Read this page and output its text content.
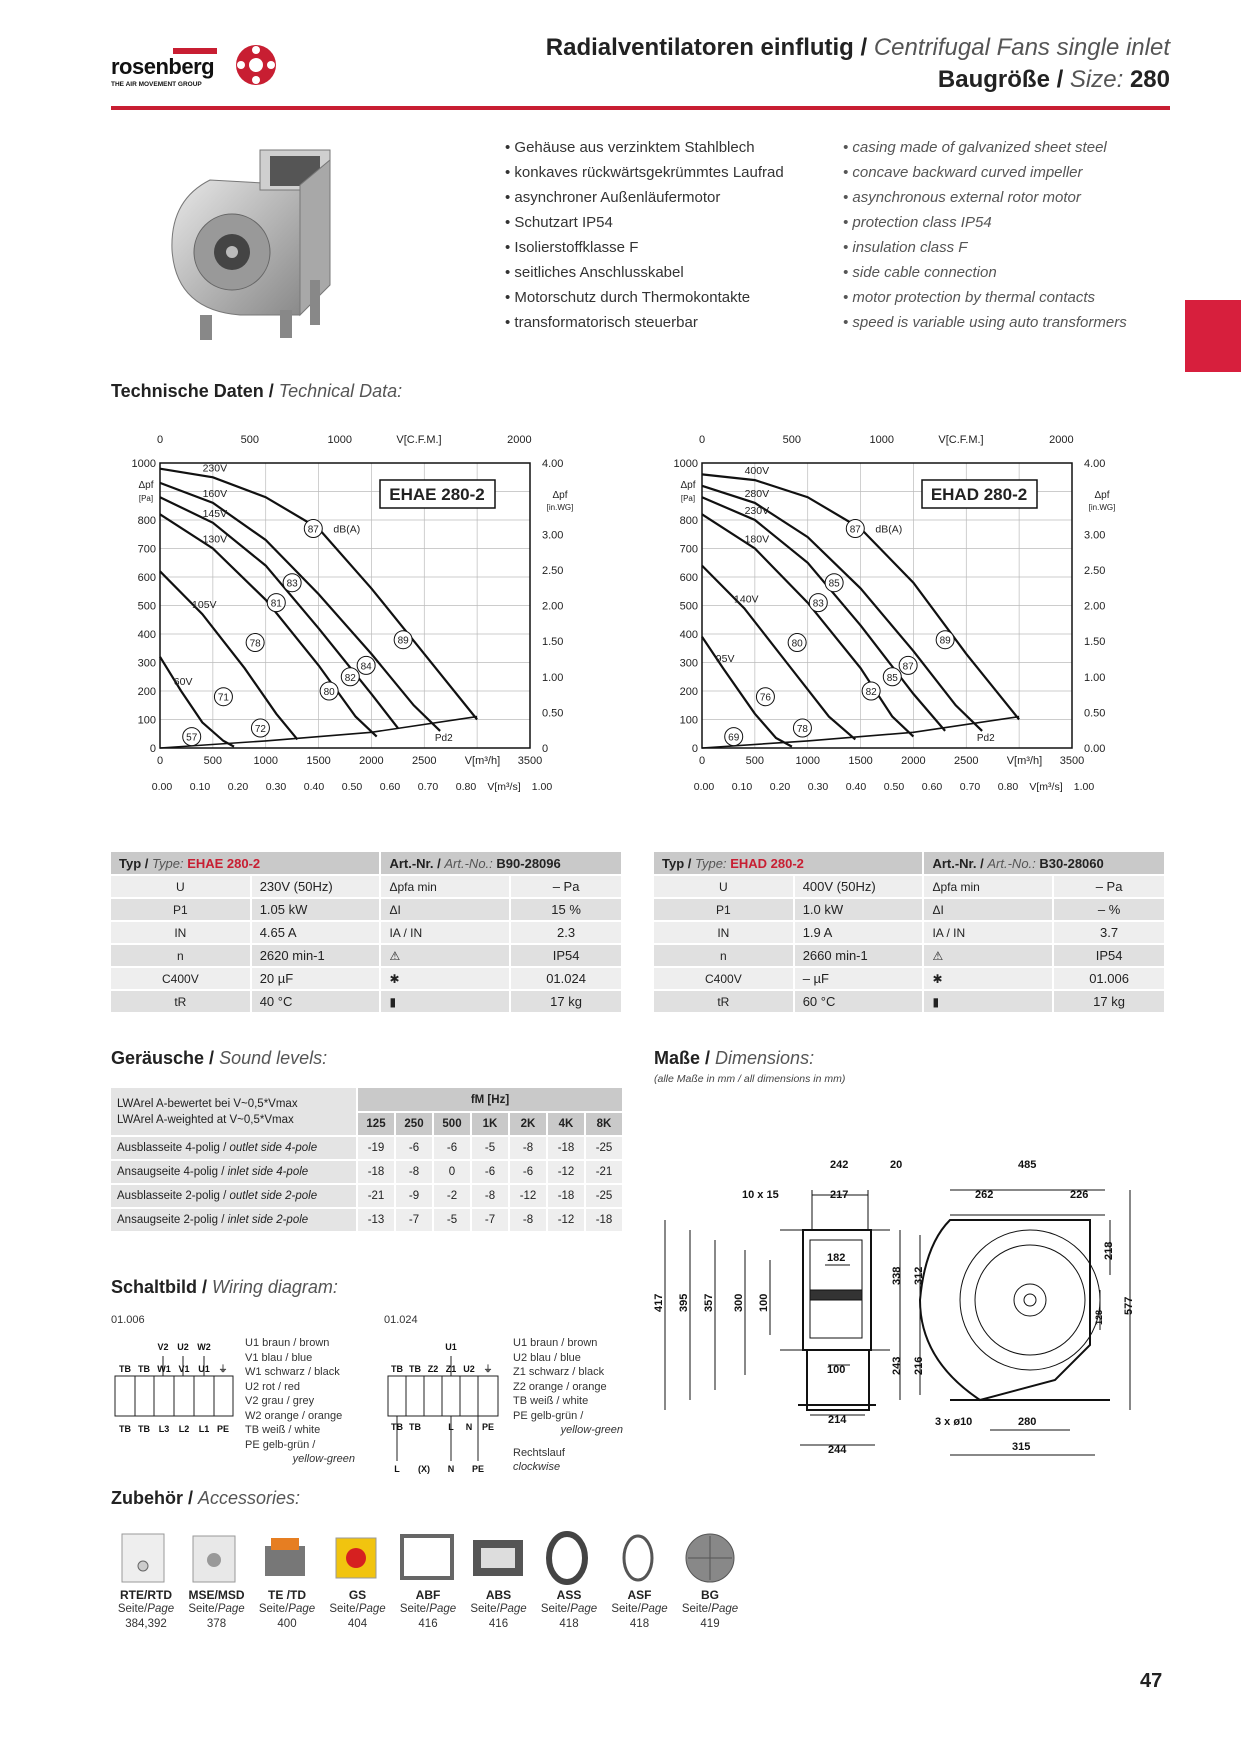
rosenberg
THE AIR MOVEMENT GROUP
Radialventilatoren einflutig / Centrifugal Fans single inlet
Baugröße / Size: 280
• Gehäuse aus verzinktem Stahlblech
• konkaves rückwärtsgekrümmtes Laufrad
• asynchroner Außenläufermotor
• Schutzart IP54
• Isolierstoffklasse F
• seitliches Anschlusskabel
• Motorschutz durch Thermokontakte
• transformatorisch steuerbar
• casing made of galvanized sheet steel
• concave backward curved impeller
• asynchronous external rotor motor
• protection class IP54
• insulation class F
• side cable connection
• motor protection by thermal contacts
• speed is variable using auto transformers
Technische Daten / Technical Data:
0	500	1000	1500	2000	2500	3500
V[m³/h]
0
100
200
300
400
500
600
700
800
1000
Δpf
[Pa]
0	500	1000	V[C.F.M.]	2000
0
0.50
1.00
1.50
2.00
2.50
3.00
4.00
Δpf
[in.WG]
0.00 0.10 0.20 0.30 0.40 0.50 0.60 0.70 0.80 V[m³/s] 1.00
EHAE 280-2
230V
160V
145V
130V
105V
60V
Pd2
57
71
72
78
80
81
82
83
84
87
89
dB(A)
0	500	1000	1500	2000	2500	3500
V[m³/h]
0
100
200
300
400
500
600
700
800
1000
Δpf
[Pa]
0	500	1000	V[C.F.M.]	2000
0.00
0.50
1.00
1.50
2.00
2.50
3.00
4.00
Δpf
[in.WG]
0.00 0.10 0.20 0.30 0.40 0.50 0.60 0.70 0.80 V[m³/s] 1.00
EHAD 280-2
400V
280V
230V
180V
140V
95V
Pd2
69
76
78
80
82
83
85
85
87
87
89
dB(A)
Typ / Type: EHAE 280-2		Art.-Nr. / Art.-No.: B90-28096	
U	230V (50Hz)	Δpfa min	– Pa
P1	1.05 kW	ΔI	15 %
IN	4.65 A	IA / IN	2.3
n	2620 min-1	⚠	IP54
C400V	20 µF	✱	01.024
tR	40 °C	▮	17 kg
Typ / Type: EHAD 280-2		Art.-Nr. / Art.-No.: B30-28060	
U	400V (50Hz)	Δpfa min	– Pa
P1	1.0 kW	ΔI	– %
IN	1.9 A	IA / IN	3.7
n	2660 min-1	⚠	IP54
C400V	– µF	✱	01.006
tR	60 °C	▮	17 kg
Geräusche / Sound levels:
LWArel A-bewertet bei V~0,5*Vmax
LWArel A-weighted at V~0,5*Vmax	fM [Hz]						
	125	250	500	1K	2K	4K	8K
Ausblasseite 4-polig / outlet side 4-pole	-19	-6	-6	-5	-8	-18	-25
Ansaugseite 4-polig / inlet side 4-pole	-18	-8	0	-6	-6	-12	-21
Ausblasseite 2-polig / outlet side 2-pole	-21	-9	-2	-8	-12	-18	-25
Ansaugseite 2-polig / inlet side 2-pole	-13	-7	-5	-7	-8	-12	-18
Maße / Dimensions:
(alle Maße in mm / all dimensions in mm)
242	20
10 x 15	217
182
100
214
244
417 395 357 300 100
485
262	226
338 312
243 216
218
128
577
3 x ø10	280
315
Schaltbild / Wiring diagram:
01.006	01.024
TB TB W1 V1 U1 ⏚
V2 U2 W2
TB TB L3 L2 L1 PE
U1 braun / brown
V1 blau / blue
W1 schwarz / black
U2 rot / red
V2 grau / grey
W2 orange / orange
TB weiß / white
PE gelb-grün /
yellow-green
TB TB Z2 Z1 U2 ⏚
U1
TB TB	L N PE
L (X) N PE
U1 braun / brown
U2 blau / blue
Z1 schwarz / black
Z2 orange / orange
TB weiß / white
PE gelb-grün /
yellow-green
Rechtslauf
clockwise
Zubehör / Accessories:
RTE/RTD
Seite/Page
384,392
MSE/MSD
Seite/Page
378
TE /TD
Seite/Page
400
GS
Seite/Page
404
ABF
Seite/Page
416
ABS
Seite/Page
416
ASS
Seite/Page
418
ASF
Seite/Page
418
BG
Seite/Page
419
47
